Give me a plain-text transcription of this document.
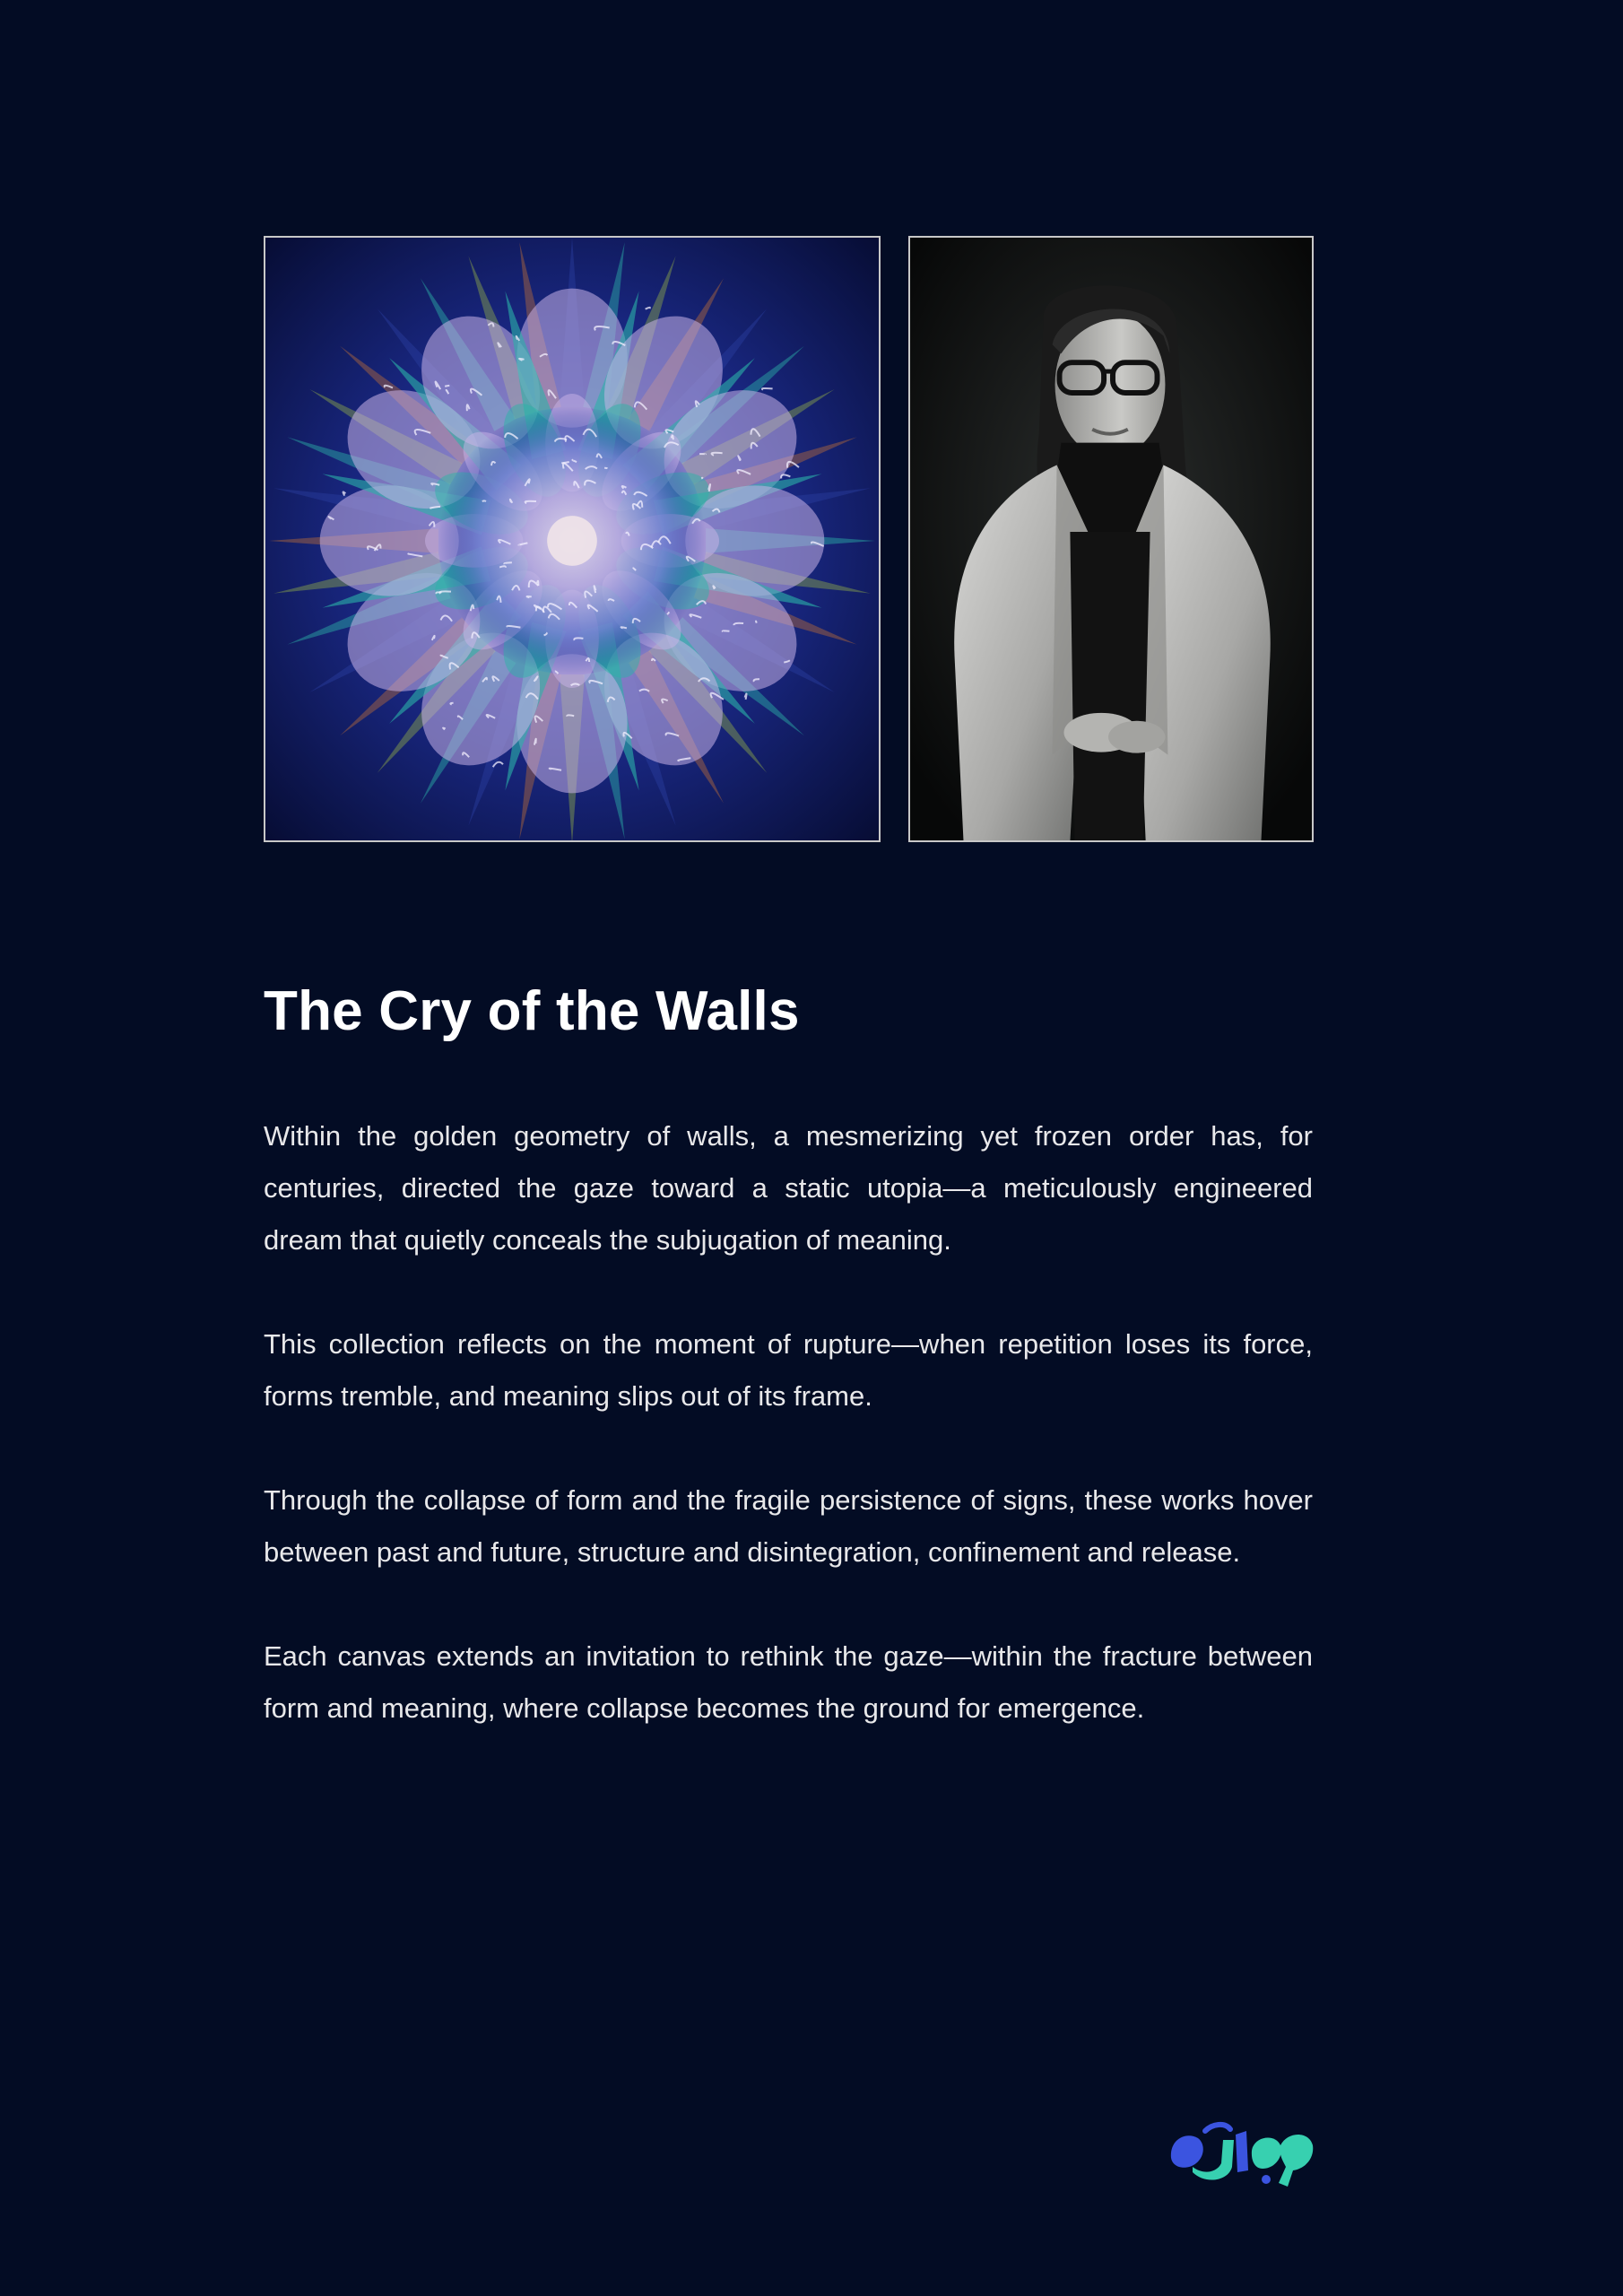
The Cry of the Walls

Within the golden geometry of walls, a mesmerizing yet frozen order has, for centuries, directed the gaze toward a static utopia—a meticulously engineered dream that quietly conceals the subjugation of meaning.

This collection reflects on the moment of rupture—when repetition loses its force, forms tremble, and meaning slips out of its frame.

Through the collapse of form and the fragile persistence of signs, these works hover between past and future, structure and disintegration, confinement and release.

Each canvas extends an invitation to rethink the gaze—within the fracture between form and meaning, where collapse becomes the ground for emergence.
